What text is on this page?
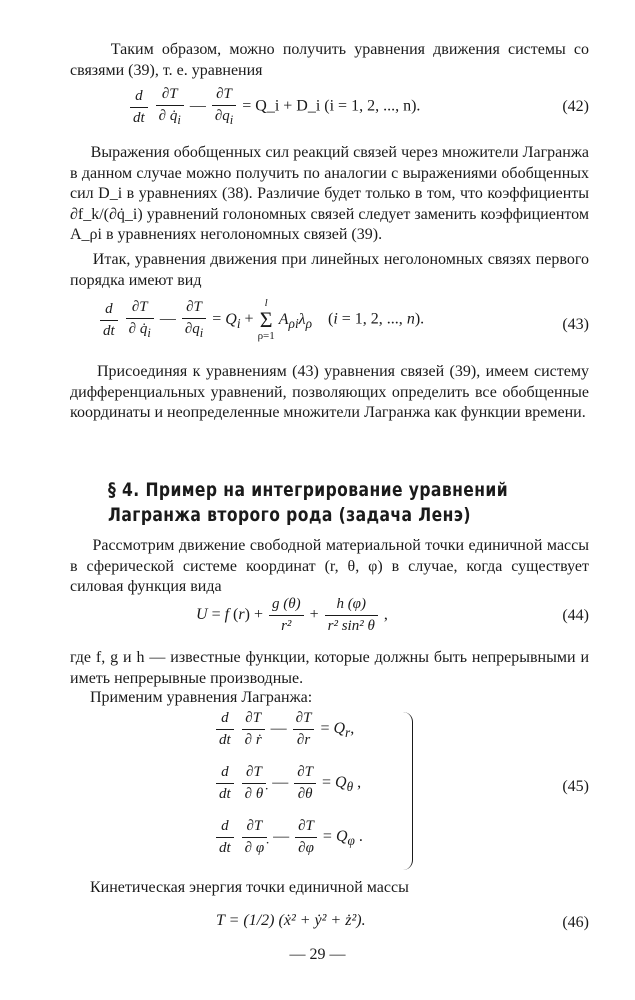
Таким образом, можно получить уравнения движения системы со связями (39), т. е. уравнения
$\frac{d}{dt}$
$\frac{\partial T}{\partial q̇_i}$ — $\frac{\partial T}{\partial q_i}$ = Q_i + D_i (i = 1, 2, ..., n).	(42)
Выражения обобщенных сил реакций связей через множители Лагранжа в данном случае можно получить по аналогии с выражениями обобщенных сил D_i в уравнениях (38). Различие будет только в том, что коэффициенты ∂f_k/(∂q̇_i) уравнений голономных связей следует заменить коэффициентом A_ρi в уравнениях неголономных связей (39).
Итак, уравнения движения при линейных неголономных связях первого порядка имеют вид
$\frac{d}{dt}$
$\frac{\partial T}{\partial q̇_i}$ — $\frac{\partial T}{\partial q_i} = Q_i + l$
Σ
ρ=1 $A_{\rho i}\lambda_\rho$    (i = 1, 2, ..., n).	(43)
Присоединяя к уравнениям (43) уравнения связей (39), имеем систему дифференциальных уравнений, позволяющих определить все обобщенные координаты и неопределенные множители Лагранжа как функции времени.
§ 4. Пример на интегрирование уравнений Лагранжа второго рода (задача Ленэ)
Рассмотрим движение свободной материальной точки единичной массы в сферической системе координат (r, θ, φ) в случае, когда существует силовая функция вида
U = f $(r) + \frac{g (\theta)}{\text{r²}} + \frac{h (\varphi)}{\text{r² sin² θ}}$ ,	(44)
где f, g и h — известные функции, которые должны быть непрерывными и иметь непрерывные производные.
Применим уравнения Лагранжа:
$\frac{d}{dt}$
$\frac{\partial T}{\text{∂ ṙ}}$ — $\frac{\partial T}{\partial r} = Q_r$,
$\frac{d}{dt}$
$\frac{\partial T}{\partial \thetȧ}$ — $\frac{\partial T}{\partial\theta} = Q_\theta$ ,
$\frac{d}{dt}$
$\frac{\partial T}{\partial \varphi̇}$ — $\frac{\partial T}{\partial\varphi} = Q_\varphi$ .
(45)
Кинетическая энергия точки единичной массы
T = (1/2) (ẋ² + ẏ² + ż²).	(46)
— 29 —
